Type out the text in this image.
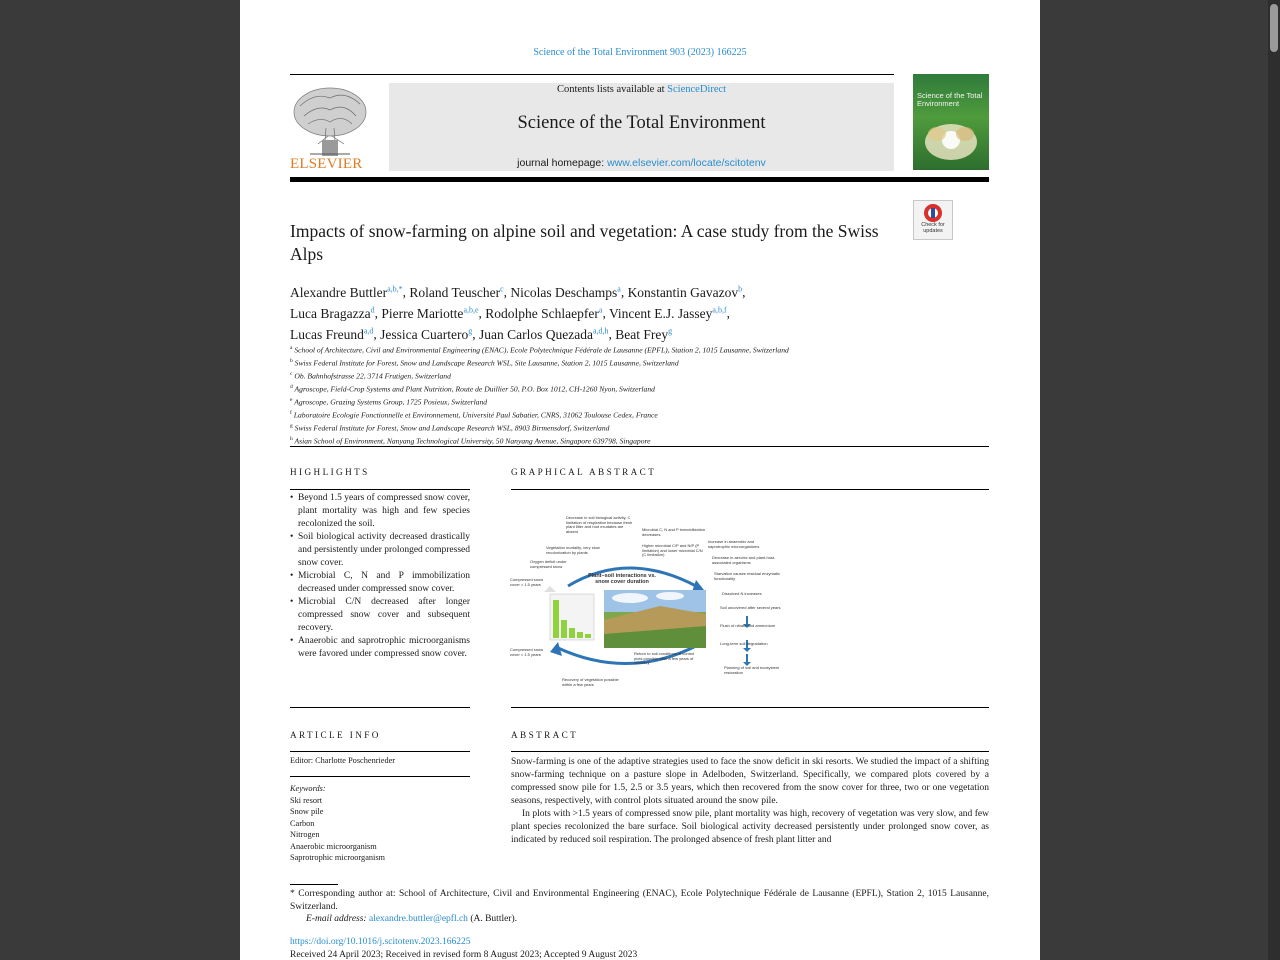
Science of the Total Environment 903 (2023) 166225
ELSEVIER
Contents lists available at ScienceDirect
Science of the Total Environment
journal homepage: www.elsevier.com/locate/scitotenv
Science of the Total Environment
Check for updates
Impacts of snow-farming on alpine soil and vegetation: A case study from the Swiss Alps
Alexandre Buttler$^{a,b,*}$, Roland Teuscher$^c$, Nicolas Deschamps$^a$, Konstantin Gavazov$^b$,
Luca Bragazza$^d$, Pierre Mariotte$^{a,b,e}$, Rodolphe Schlaepfer$^a$, Vincent E.J. Jassey$^{a,b,f}$,
Lucas Freund$^{a,d}$, Jessica Cuartero$^g$, Juan Carlos Quezada$^{a,d,h}$, Beat Frey$^g$
$^a$ School of Architecture, Civil and Environmental Engineering (ENAC), Ecole Polytechnique Fédérale de Lausanne (EPFL), Station 2, 1015 Lausanne, Switzerland
$^b$ Swiss Federal Institute for Forest, Snow and Landscape Research WSL, Site Lausanne, Station 2, 1015 Lausanne, Switzerland
$^c$ Ob. Bahnhofstrasse 22, 3714 Frutigen, Switzerland
$^d$ Agroscope, Field-Crop Systems and Plant Nutrition, Route de Duillier 50, P.O. Box 1012, CH-1260 Nyon, Switzerland
$^e$ Agroscope, Grazing Systems Group, 1725 Posieux, Switzerland
$^f$ Laboratoire Ecologie Fonctionnelle et Environnement, Université Paul Sabatier, CNRS, 31062 Toulouse Cedex, France
$^g$ Swiss Federal Institute for Forest, Snow and Landscape Research WSL, 8903 Birmensdorf, Switzerland
$^h$ Asian School of Environment, Nanyang Technological University, 50 Nanyang Avenue, Singapore 639798, Singapore
HIGHLIGHTS
• Beyond 1.5 years of compressed snow cover, plant mortality was high and few species recolonized the soil.
• Soil biological activity decreased drastically and persistently under prolonged compressed snow cover.
• Microbial C, N and P immobilization decreased under compressed snow cover.
• Microbial C/N decreased after longer compressed snow cover and subsequent recovery.
• Anaerobic and saprotrophic microorganisms were favored under compressed snow cover.
GRAPHICAL ABSTRACT
Plant–soil interactions vs. snow cover duration
Compressed snow cover > 1.5 years
Compressed snow cover < 1.5 years
Decrease in soil biological activity, C limitation of respiration because fresh plant litter and root exudates are absent	Microbial C, N and P immobilization decreases
Higher microbial C/P and N/P (P limitation) and lower microbial C/N (C limitation)
Vegetation mortality, very slow recolonization by plants
Oxygen deficit under compressed snow
Return to soil conditions of control plots possible after a few years of recovery
Recovery of vegetation possible within a few years
Increase in anaerobic and saprotrophic microorganisms
Decrease in aerobic and plant-host-associated organisms
Starvation causes residual enzymatic functionality
Dissolved N increases
Soil uncovered after several years
Flush of nitrate and ammonium
Long-term soil degradation
Planning of soil and ecosystem restoration
ARTICLE INFO
Editor: Charlotte Poschenrieder
Keywords:
Ski resort
Snow pile
Carbon
Nitrogen
Anaerobic microorganism
Saprotrophic microorganism
ABSTRACT

Snow-farming is one of the adaptive strategies used to face the snow deficit in ski resorts. We studied the impact of a shifting snow-farming technique on a pasture slope in Adelboden, Switzerland. Specifically, we compared plots covered by a compressed snow pile for 1.5, 2.5 or 3.5 years, which then recovered from the snow cover for three, two or one vegetation seasons, respectively, with control plots situated around the snow pile.

In plots with >1.5 years of compressed snow pile, plant mortality was high, recovery of vegetation was very slow, and few plant species recolonized the bare surface. Soil biological activity decreased persistently under prolonged snow cover, as indicated by reduced soil respiration. The prolonged absence of fresh plant litter and

* Corresponding author at: School of Architecture, Civil and Environmental Engineering (ENAC), Ecole Polytechnique Fédérale de Lausanne (EPFL), Station 2, 1015 Lausanne, Switzerland.
E-mail address: alexandre.buttler@epfl.ch (A. Buttler).
https://doi.org/10.1016/j.scitotenv.2023.166225
Received 24 April 2023; Received in revised form 8 August 2023; Accepted 9 August 2023
